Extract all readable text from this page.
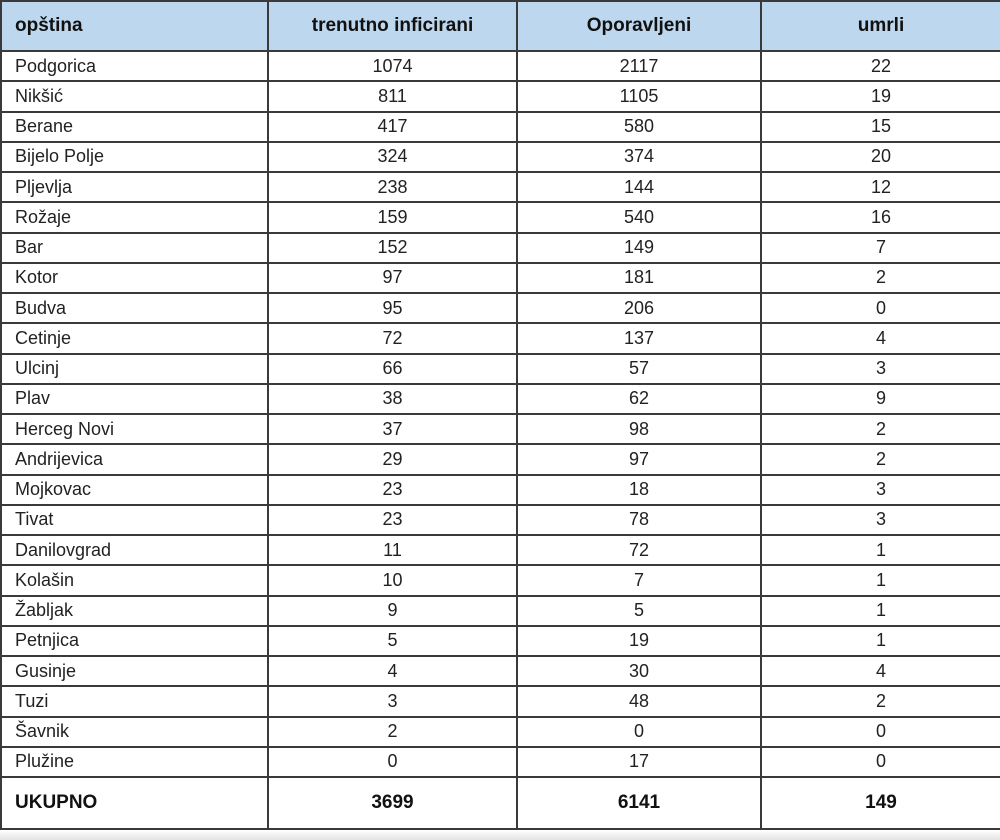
opština	trenutno inficirani	Oporavljeni	umrli
Podgorica	1074	2117	22
Nikšić	811	1105	19
Berane	417	580	15
Bijelo Polje	324	374	20
Pljevlja	238	144	12
Rožaje	159	540	16
Bar	152	149	7
Kotor	97	181	2
Budva	95	206	0
Cetinje	72	137	4
Ulcinj	66	57	3
Plav	38	62	9
Herceg Novi	37	98	2
Andrijevica	29	97	2
Mojkovac	23	18	3
Tivat	23	78	3
Danilovgrad	11	72	1
Kolašin	10	7	1
Žabljak	9	5	1
Petnjica	5	19	1
Gusinje	4	30	4
Tuzi	3	48	2
Šavnik	2	0	0
Plužine	0	17	0
UKUPNO	3699	6141	149
